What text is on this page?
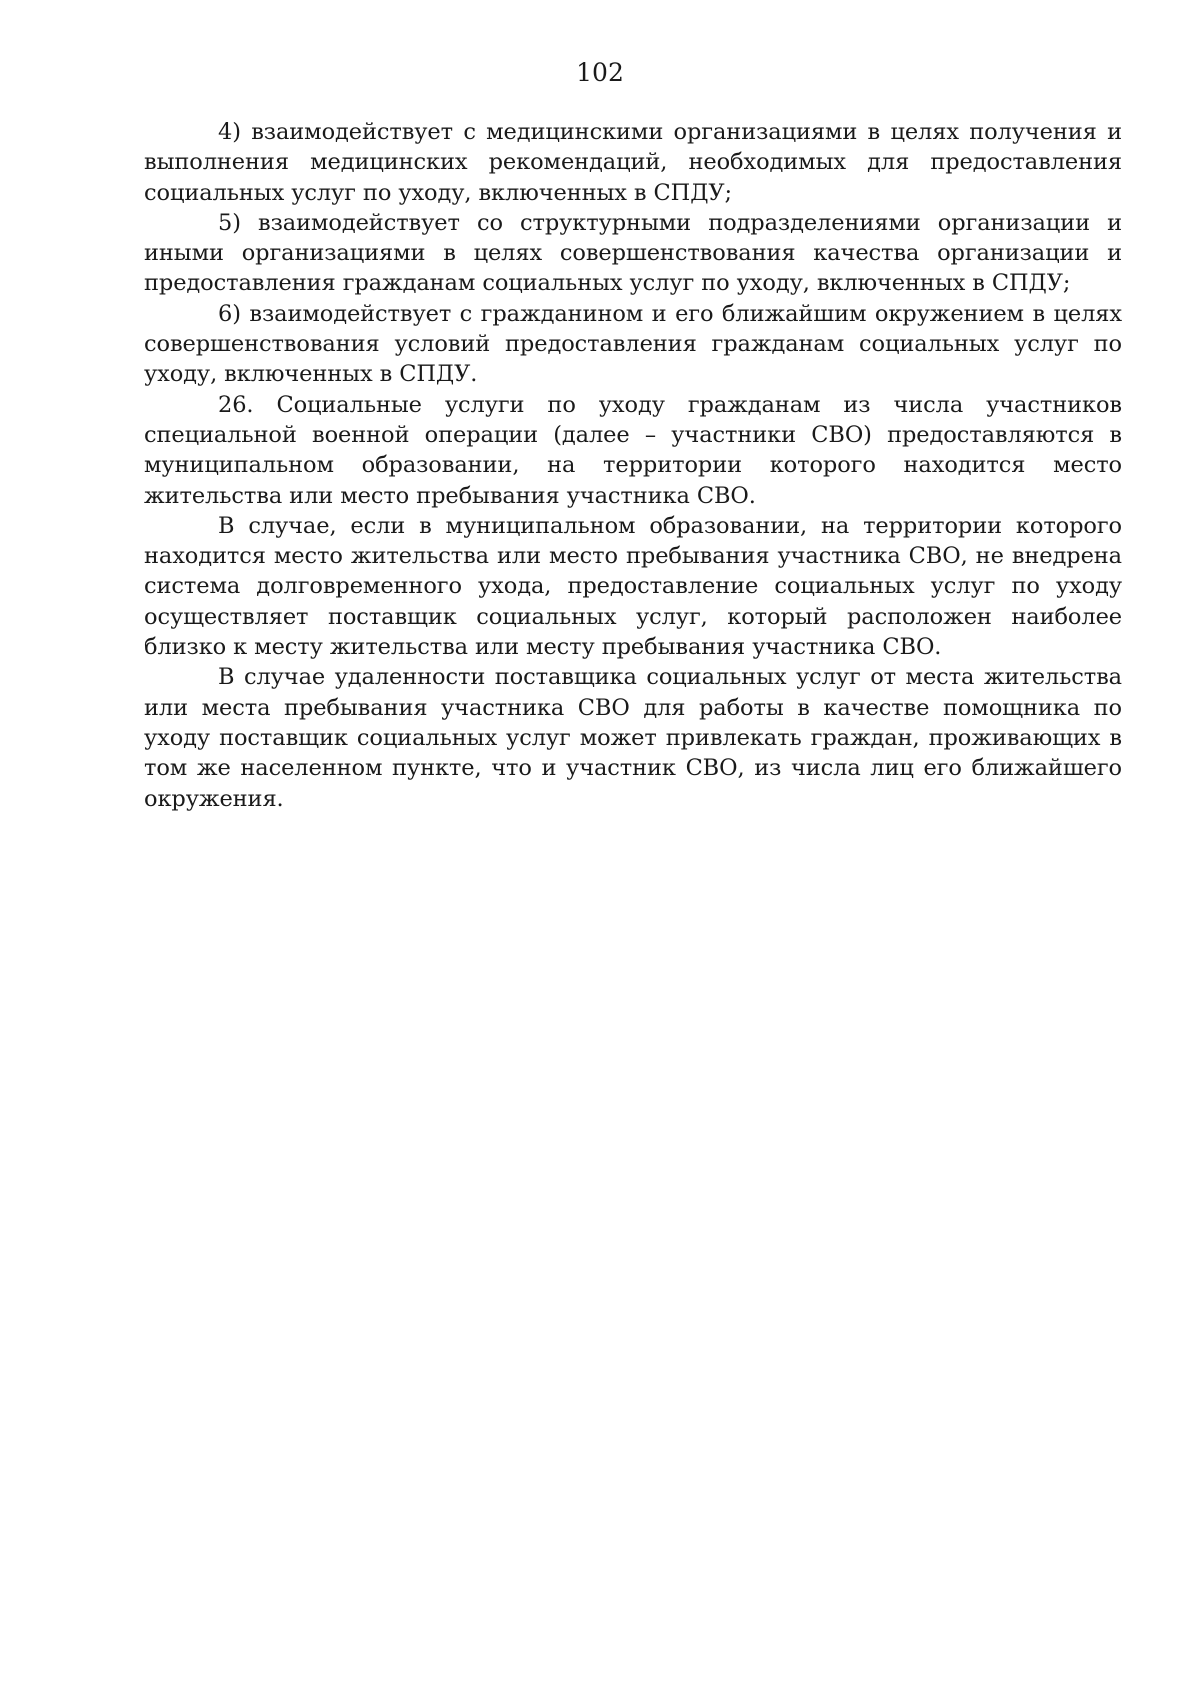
102

4) взаимодействует с медицинскими организациями в целях получения и выполнения медицинских рекомендаций, необходимых для предоставления социальных услуг по уходу, включенных в СПДУ;

5) взаимодействует со структурными подразделениями организации и иными организациями в целях совершенствования качества организации и предоставления гражданам социальных услуг по уходу, включенных в СПДУ;

6) взаимодействует с гражданином и его ближайшим окружением в целях совершенствования условий предоставления гражданам социальных услуг по уходу, включенных в СПДУ.

26. Социальные услуги по уходу гражданам из числа участников специальной военной операции (далее – участники СВО) предоставляются в муниципальном образовании, на территории которого находится место жительства или место пребывания участника СВО.

В случае, если в муниципальном образовании, на территории которого находится место жительства или место пребывания участника СВО, не внедрена система долговременного ухода, предоставление социальных услуг по уходу осуществляет поставщик социальных услуг, который расположен наиболее близко к месту жительства или месту пребывания участника СВО.

В случае удаленности поставщика социальных услуг от места жительства или места пребывания участника СВО для работы в качестве помощника по уходу поставщик социальных услуг может привлекать граждан, проживающих в том же населенном пункте, что и участник СВО, из числа лиц его ближайшего окружения.
